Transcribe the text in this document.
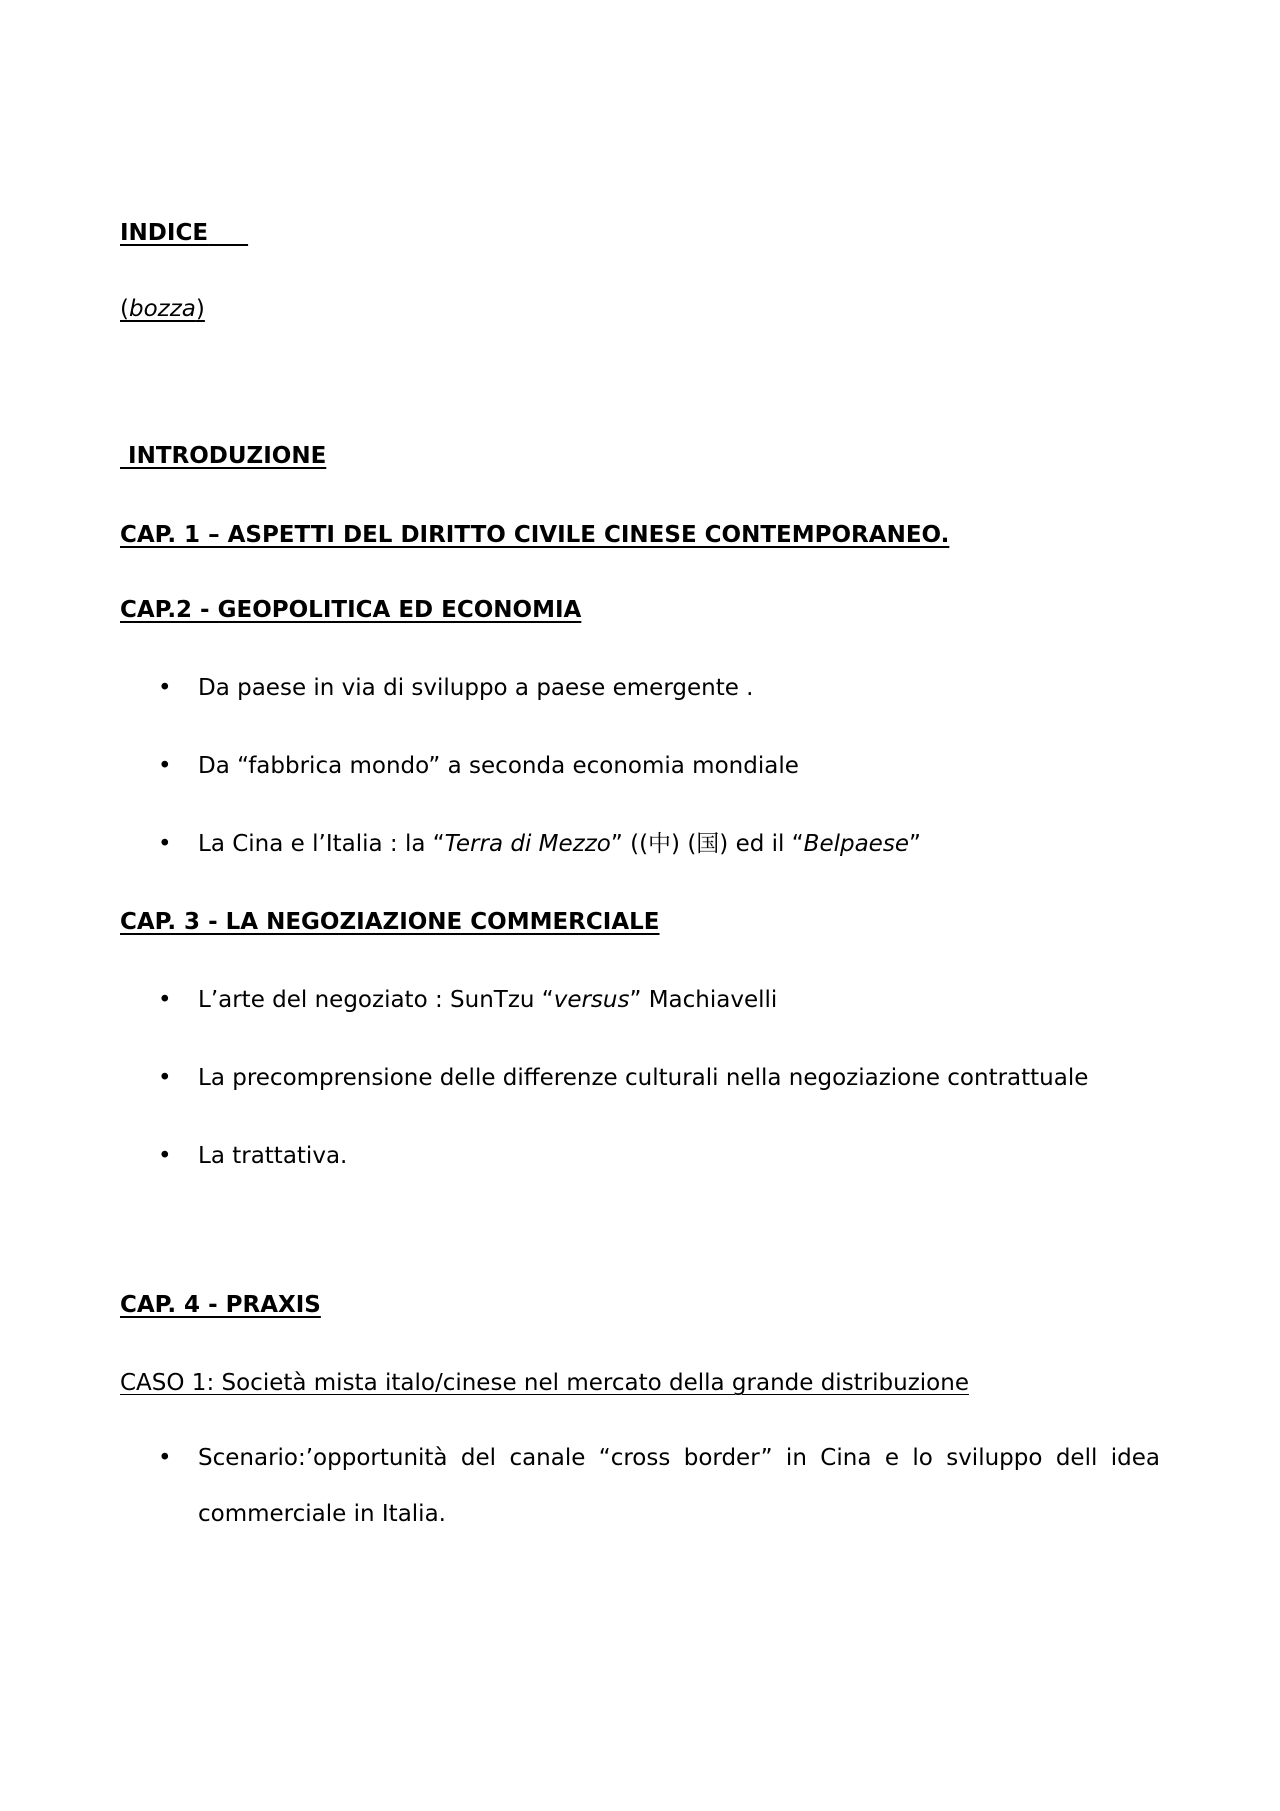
INDICE
(bozza)
INTRODUZIONE
CAP. 1 – ASPETTI DEL DIRITTO CIVILE CINESE CONTEMPORANEO.
CAP.2 - GEOPOLITICA ED ECONOMIA
• Da paese in via di sviluppo a paese emergente .
• Da “fabbrica mondo” a seconda economia mondiale
• La Cina e l’Italia : la “Terra di Mezzo” ((中) (国) ed il “Belpaese”
CAP. 3 - LA NEGOZIAZIONE COMMERCIALE
• L’arte del negoziato : SunTzu “versus” Machiavelli
• La precomprensione delle differenze culturali nella negoziazione contrattuale
• La trattativa.
CAP. 4 - PRAXIS
CASO 1: Società mista italo/cinese nel mercato della grande distribuzione
• Scenario:’opportunità del canale “cross border” in Cina e lo sviluppo dell idea
commerciale in Italia.
